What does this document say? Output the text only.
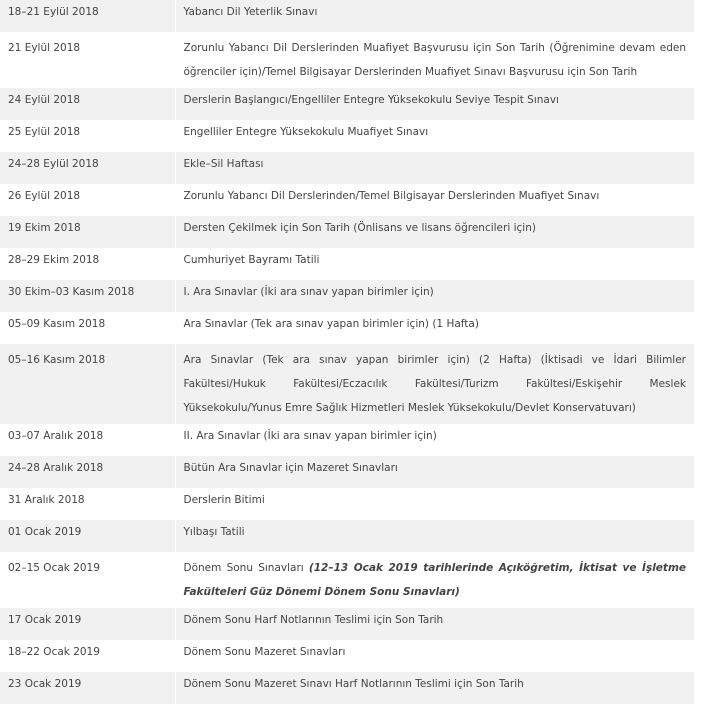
18–21 Eylül 2018	Yabancı Dil Yeterlik Sınavı
21 Eylül 2018	Zorunlu Yabancı Dil Derslerinden Muafiyet Başvurusu için Son Tarih (Öğrenimine devam eden öğrenciler için)/Temel Bilgisayar Derslerinden Muafiyet Sınavı Başvurusu için Son Tarih
24 Eylül 2018	Derslerin Başlangıcı/Engelliler Entegre Yüksekokulu Seviye Tespit Sınavı
25 Eylül 2018	Engelliler Entegre Yüksekokulu Muafiyet Sınavı
24–28 Eylül 2018	Ekle–Sil Haftası
26 Eylül 2018	Zorunlu Yabancı Dil Derslerinden/Temel Bilgisayar Derslerinden Muafiyet Sınavı
19 Ekim 2018	Dersten Çekilmek için Son Tarih (Önlisans ve lisans öğrencileri için)
28–29 Ekim 2018	Cumhuriyet Bayramı Tatili
30 Ekim–03 Kasım 2018	I. Ara Sınavlar (İki ara sınav yapan birimler için)
05–09 Kasım 2018	Ara Sınavlar (Tek ara sınav yapan birimler için) (1 Hafta)
05–16 Kasım 2018	Ara Sınavlar (Tek ara sınav yapan birimler için) (2 Hafta) (İktisadi ve İdari Bilimler Fakültesi/Hukuk Fakültesi/Eczacılık Fakültesi/Turizm Fakültesi/Eskişehir Meslek Yüksekokulu/Yunus Emre Sağlık Hizmetleri Meslek Yüksekokulu/Devlet Konservatuvarı)
03–07 Aralık 2018	II. Ara Sınavlar (İki ara sınav yapan birimler için)
24–28 Aralık 2018	Bütün Ara Sınavlar için Mazeret Sınavları
31 Aralık 2018	Derslerin Bitimi
01 Ocak 2019	Yılbaşı Tatili
02–15 Ocak 2019	Dönem Sonu Sınavları (12–13 Ocak 2019 tarihlerinde Açıköğretim, İktisat ve İşletme Fakülteleri Güz Dönemi Dönem Sonu Sınavları)
17 Ocak 2019	Dönem Sonu Harf Notlarının Teslimi için Son Tarih
18–22 Ocak 2019	Dönem Sonu Mazeret Sınavları
23 Ocak 2019	Dönem Sonu Mazeret Sınavı Harf Notlarının Teslimi için Son Tarih
